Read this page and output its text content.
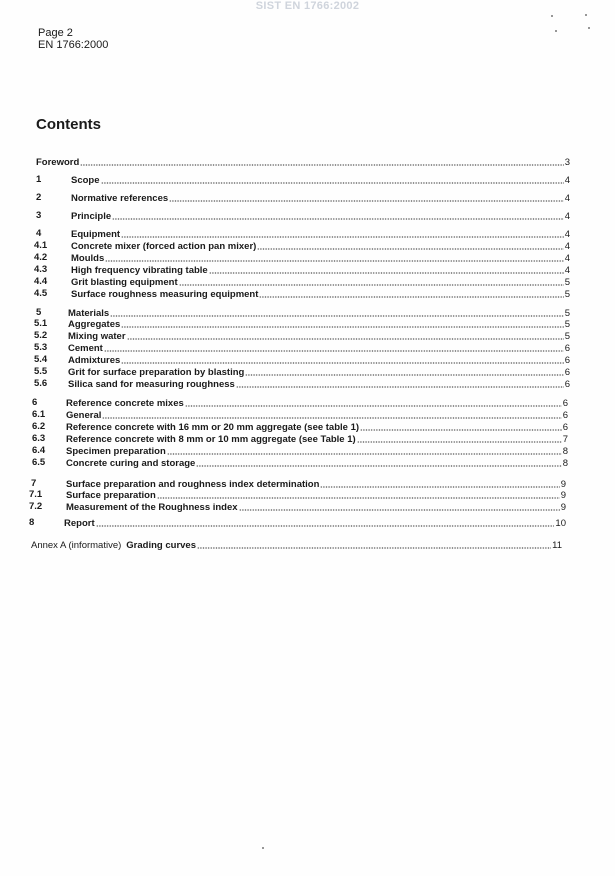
SIST EN 1766:2002
Page 2
EN 1766:2000
Contents
Foreword	3
1	Scope	4
2	Normative references	4
3	Principle	4
4	Equipment	4
4.1	Concrete mixer (forced action pan mixer)	4
4.2	Moulds	4
4.3	High frequency vibrating table	4
4.4	Grit blasting equipment	5
4.5	Surface roughness measuring equipment	5
5	Materials	5
5.1 Aggregates	5
5.2 Mixing water	5
5.3 Cement	6
5.4 Admixtures	6
5.5 Grit for surface preparation by blasting	6
5.6 Silica sand for measuring roughness	6
6	Reference concrete mixes	6
6.1 General	6
6.2 Reference concrete with 16 mm or 20 mm aggregate (see table 1)	6
6.3 Reference concrete with 8 mm or 10 mm aggregate (see Table 1)	7
6.4 Specimen preparation	8
6.5 Concrete curing and storage	8
7	Surface preparation and roughness index determination	9
7.1	Surface preparation	9
7.2	Measurement of the Roughness index	9
8	Report	10
Annex A (informative) Grading curves	11
